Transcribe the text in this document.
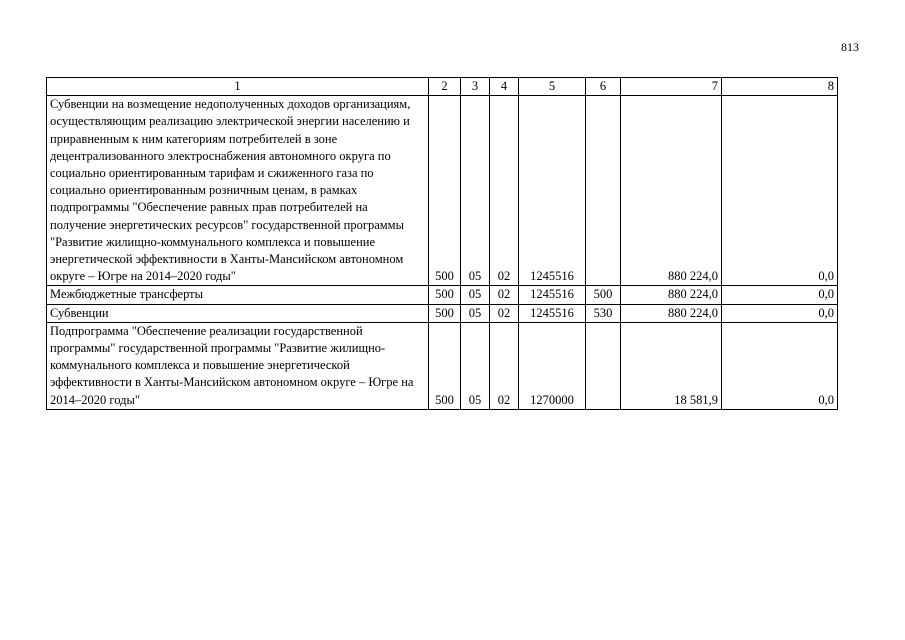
813
1	2	3	4	5	6	7	8
Субвенции на возмещение недополученных доходов организациям, осуществляющим реализацию электрической энергии населению и приравненным к ним категориям потребителей в зоне децентрализованного электроснабжения автономного округа по социально ориентированным тарифам и сжиженного газа по социально ориентированным розничным ценам, в рамках подпрограммы "Обеспечение равных прав потребителей на получение энергетических ресурсов" государственной программы "Развитие жилищно-коммунального комплекса и повышение энергетической эффективности в Ханты-Мансийском автономном округе – Югре на 2014–2020 годы"	500	05	02	1245516		880 224,0	0,0
Межбюджетные трансферты	500	05	02	1245516	500	880 224,0	0,0
Субвенции	500	05	02	1245516	530	880 224,0	0,0
Подпрограмма "Обеспечение реализации государственной программы" государственной программы "Развитие жилищно-коммунального комплекса и повышение энергетической эффективности в Ханты-Мансийском автономном округе – Югре на 2014–2020 годы"	500	05	02	1270000		18 581,9	0,0
